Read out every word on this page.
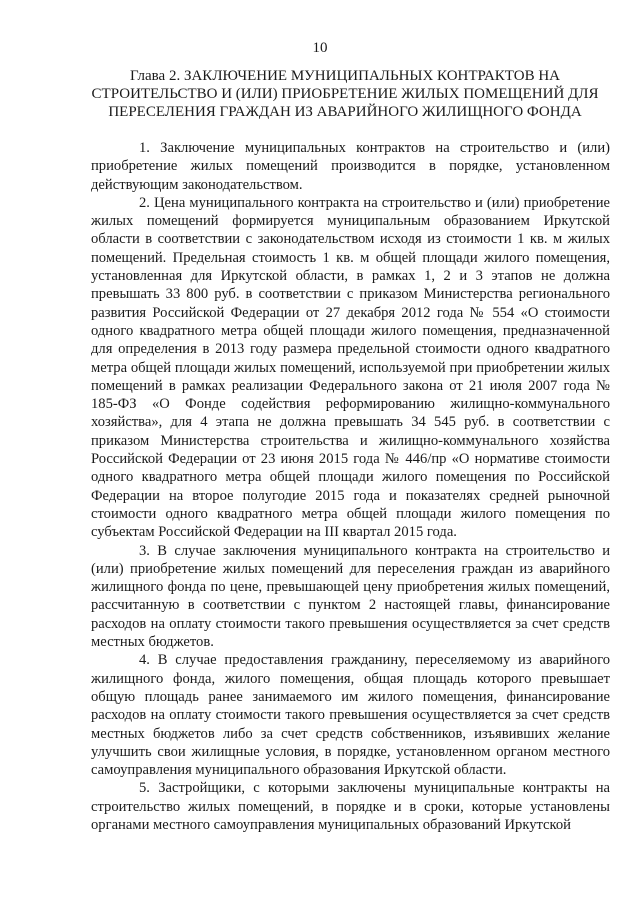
10
Глава 2. ЗАКЛЮЧЕНИЕ МУНИЦИПАЛЬНЫХ КОНТРАКТОВ НА СТРОИТЕЛЬСТВО И (ИЛИ) ПРИОБРЕТЕНИЕ ЖИЛЫХ ПОМЕЩЕНИЙ ДЛЯ ПЕРЕСЕЛЕНИЯ ГРАЖДАН ИЗ АВАРИЙНОГО ЖИЛИЩНОГО ФОНДА

1. Заключение муниципальных контрактов на строительство и (или) приобретение жилых помещений производится в порядке, установленном действующим законодательством.

2. Цена муниципального контракта на строительство и (или) приобретение жилых помещений формируется муниципальным образованием Иркутской области в соответствии с законодательством исходя из стоимости 1 кв. м жилых помещений. Предельная стоимость 1 кв. м общей площади жилого помещения, установленная для Иркутской области, в рамках 1, 2 и 3 этапов не должна превышать 33 800 руб. в соответствии с приказом Министерства регионального развития Российской Федерации от 27 декабря 2012 года № 554 «О стоимости одного квадратного метра общей площади жилого помещения, предназначенной для определения в 2013 году размера предельной стоимости одного квадратного метра общей площади жилых помещений, используемой при приобретении жилых помещений в рамках реализации Федерального закона от 21 июля 2007 года № 185-ФЗ «О Фонде содействия реформированию жилищно-коммунального хозяйства», для 4 этапа не должна превышать 34 545 руб. в соответствии с приказом Министерства строительства и жилищно-коммунального хозяйства Российской Федерации от 23 июня 2015 года № 446/пр «О нормативе стоимости одного квадратного метра общей площади жилого помещения по Российской Федерации на второе полугодие 2015 года и показателях средней рыночной стоимости одного квадратного метра общей площади жилого помещения по субъектам Российской Федерации на III квартал 2015 года.

3. В случае заключения муниципального контракта на строительство и (или) приобретение жилых помещений для переселения граждан из аварийного жилищного фонда по цене, превышающей цену приобретения жилых помещений, рассчитанную в соответствии с пунктом 2 настоящей главы, финансирование расходов на оплату стоимости такого превышения осуществляется за счет средств местных бюджетов.

4. В случае предоставления гражданину, переселяемому из аварийного жилищного фонда, жилого помещения, общая площадь которого превышает общую площадь ранее занимаемого им жилого помещения, финансирование расходов на оплату стоимости такого превышения осуществляется за счет средств местных бюджетов либо за счет средств собственников, изъявивших желание улучшить свои жилищные условия, в порядке, установленном органом местного самоуправления муниципального образования Иркутской области.

5. Застройщики, с которыми заключены муниципальные контракты на строительство жилых помещений, в порядке и в сроки, которые установлены органами местного самоуправления муниципальных образований Иркутской
